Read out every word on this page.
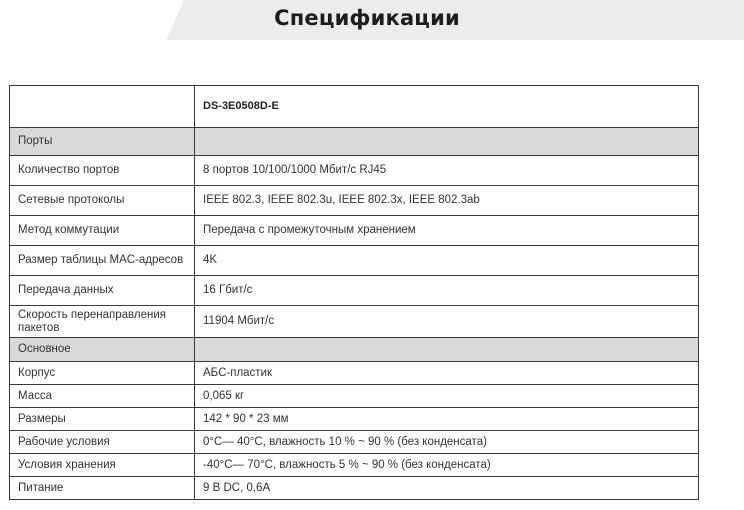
Спецификации
	DS-3E0508D-E
Порты	
Количество портов	8 портов 10/100/1000 Мбит/c RJ45
Сетевые протоколы	IEEE 802.3, IEEE 802.3u, IEEE 802.3x, IEEE 802.3ab
Метод коммутации	Передача с промежуточным хранением
Размер таблицы MAC-адресов	4K
Передача данных	16 Гбит/с
Скорость перенаправления пакетов	11904 Мбит/с
Основное	
Корпус	АБС-пластик
Масса	0,065 кг
Размеры	142 * 90 * 23 мм
Рабочие условия	0°C— 40°C, влажность 10 % ~ 90 % (без конденсата)
Условия хранения	-40°C— 70°C, влажность 5 % ~ 90 % (без конденсата)
Питание	9 В DC, 0,6А
